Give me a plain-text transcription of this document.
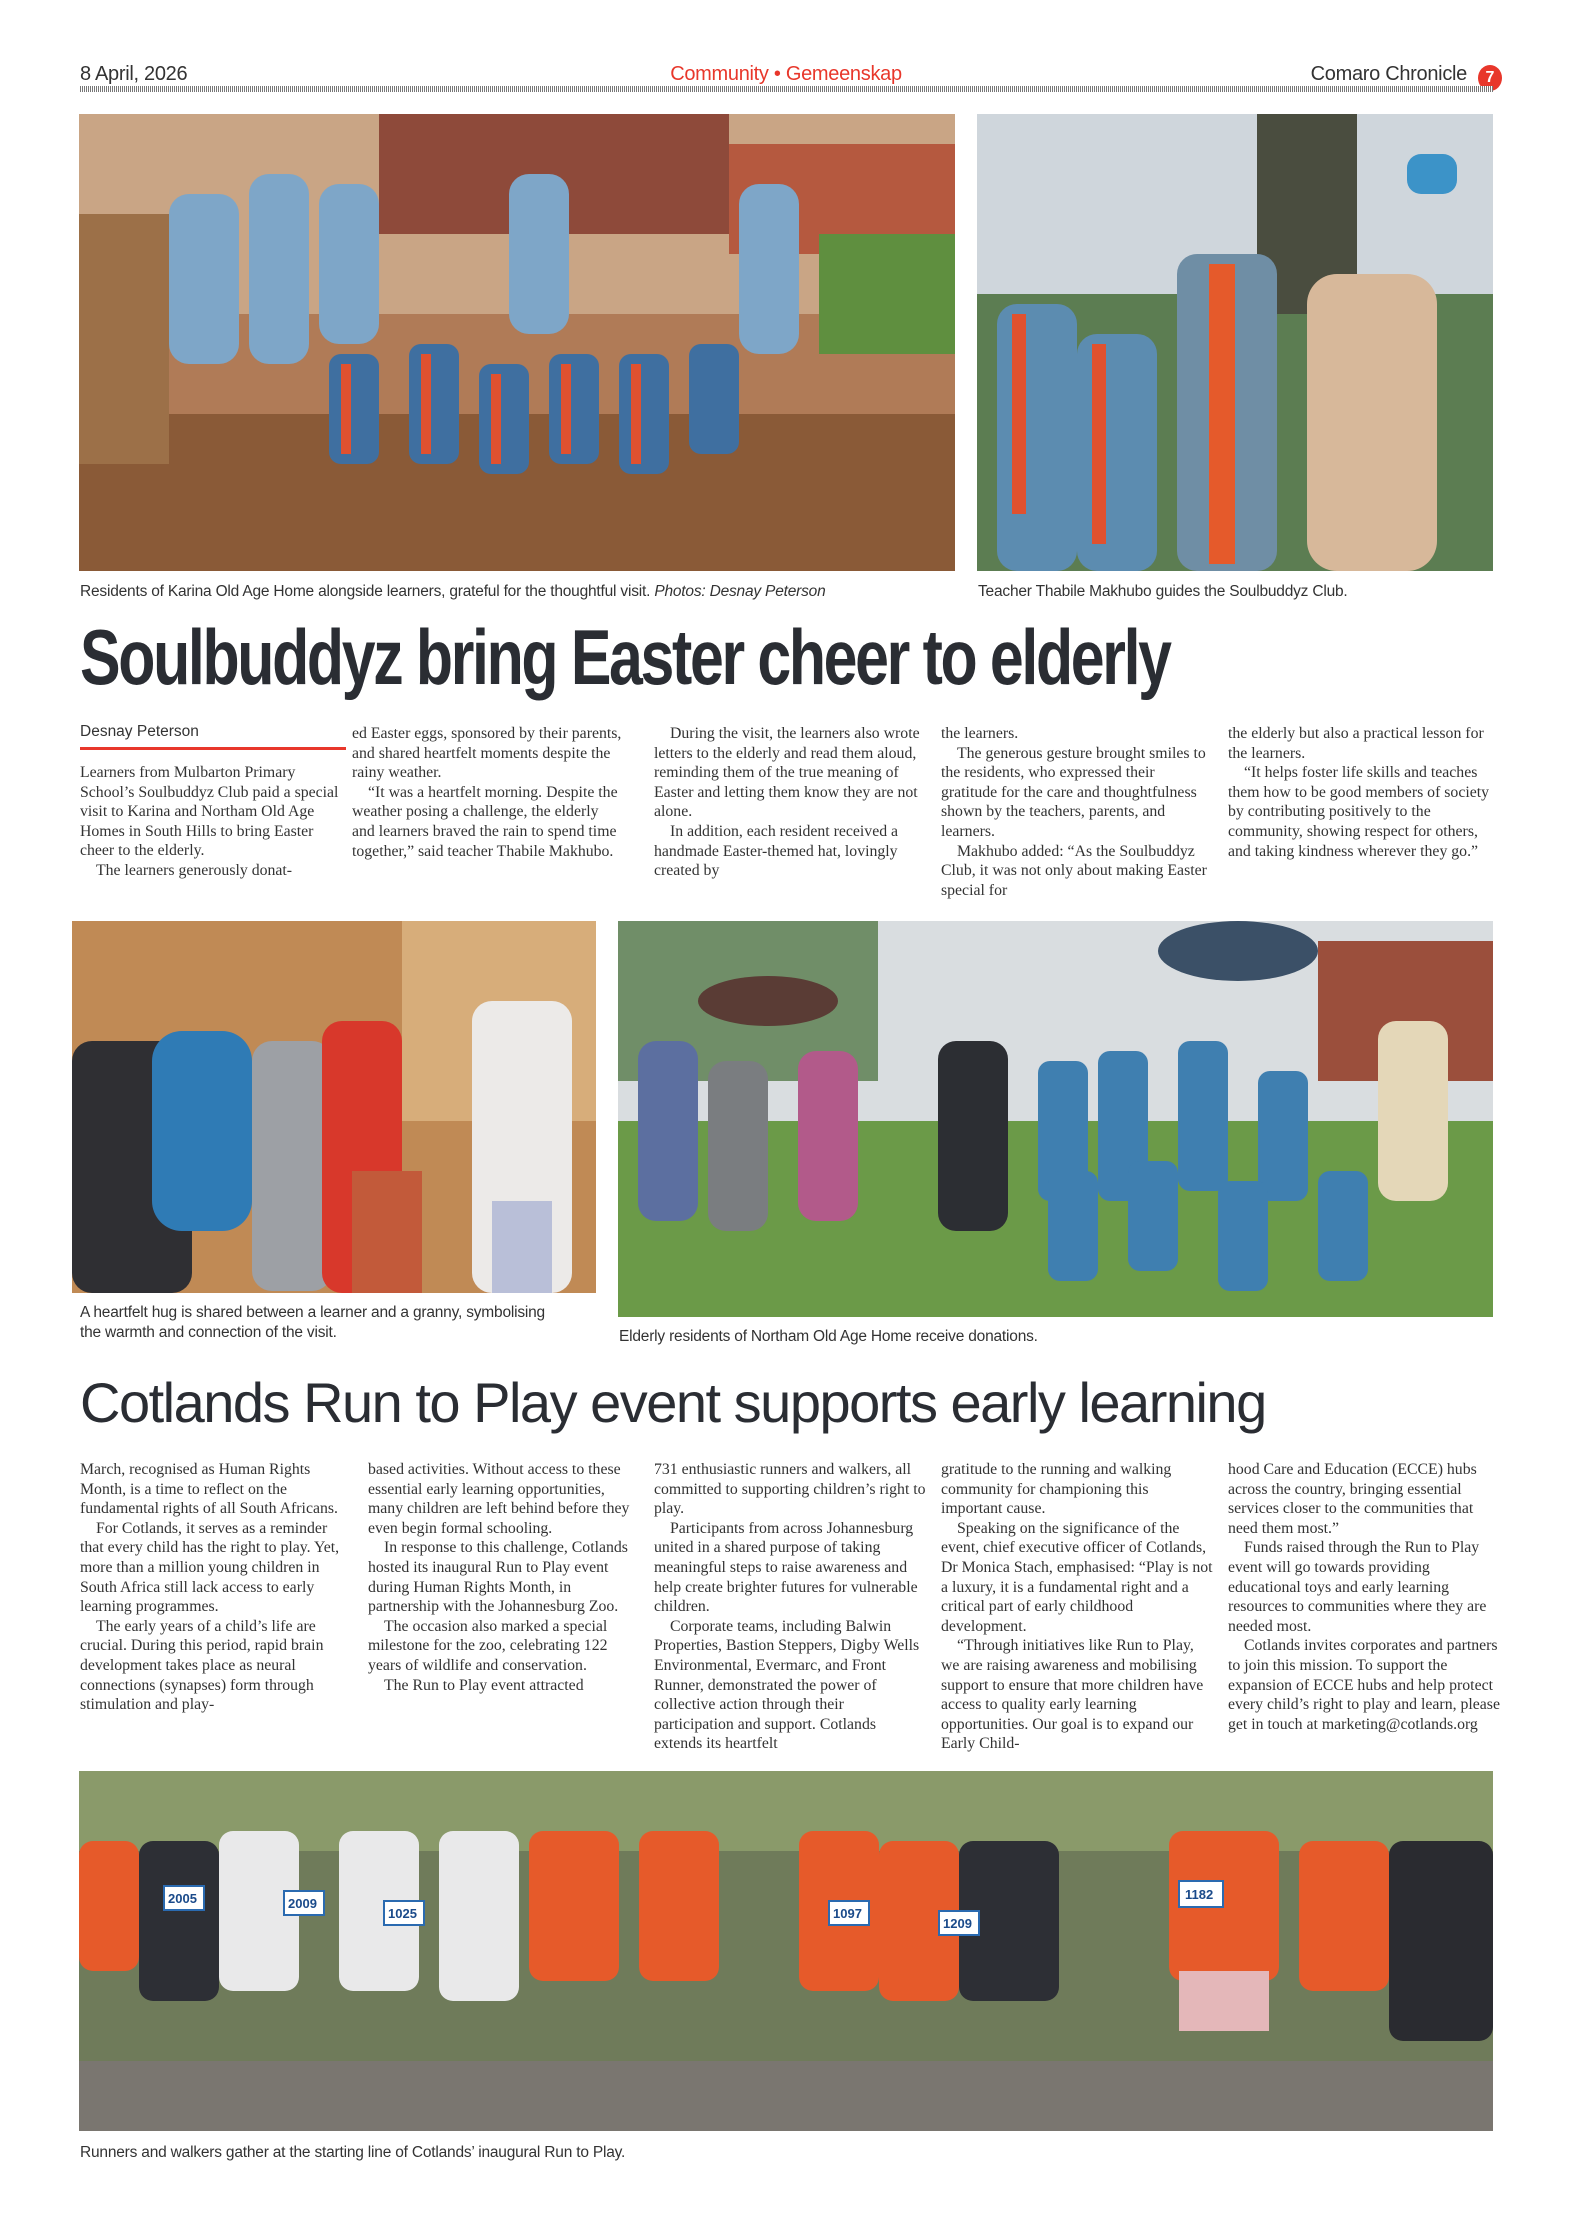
8 April, 2026	Community • Gemeenskap	Comaro Chronicle	7
Residents of Karina Old Age Home alongside learners, grateful for the thoughtful visit. Photos: Desnay Peterson	Teacher Thabile Makhubo guides the Soulbuddyz Club.
Soulbuddyz bring Easter cheer to elderly
Desnay Peterson

Learners from Mulbarton Primary School’s Soulbuddyz Club paid a special visit to Karina and Northam Old Age Homes in South Hills to bring Easter cheer to the elderly.

The learners generously donat-

ed Easter eggs, sponsored by their parents, and shared heartfelt moments despite the rainy weather.

“It was a heartfelt morning. Despite the weather posing a challenge, the elderly and learners braved the rain to spend time together,” said teacher Thabile Makhubo.

During the visit, the learners also wrote letters to the elderly and read them aloud, reminding them of the true meaning of Easter and letting them know they are not alone.

In addition, each resident received a handmade Easter-themed hat, lovingly created by

the learners.

The generous gesture brought smiles to the residents, who expressed their gratitude for the care and thoughtfulness shown by the teachers, parents, and learners.

Makhubo added: “As the Soulbuddyz Club, it was not only about making Easter special for

the elderly but also a practical lesson for the learners.

“It helps foster life skills and teaches them how to be good members of society by contributing positively to the community, showing respect for others, and taking kindness wherever they go.”

A heartfelt hug is shared between a learner and a granny, symbolising
the warmth and connection of the visit.	Elderly residents of Northam Old Age Home receive donations.
Cotlands Run to Play event supports early learning

March, recognised as Human Rights Month, is a time to reflect on the fundamental rights of all South Africans.

For Cotlands, it serves as a reminder that every child has the right to play. Yet, more than a million young children in South Africa still lack access to early learning programmes.

The early years of a child’s life are crucial. During this period, rapid brain development takes place as neural connections (synapses) form through stimulation and play-

based activities. Without access to these essential early learning opportunities, many children are left behind before they even begin formal schooling.

In response to this challenge, Cotlands hosted its inaugural Run to Play event during Human Rights Month, in partnership with the Johannesburg Zoo.

The occasion also marked a special milestone for the zoo, celebrating 122 years of wildlife and conservation.

The Run to Play event attracted

731 enthusiastic runners and walkers, all committed to supporting children’s right to play.

Participants from across Johannesburg united in a shared purpose of taking meaningful steps to raise awareness and help create brighter futures for vulnerable children.

Corporate teams, including Balwin Properties, Bastion Steppers, Digby Wells Environmental, Evermarc, and Front Runner, demonstrated the power of collective action through their participation and support. Cotlands extends its heartfelt

gratitude to the running and walking community for championing this important cause.

Speaking on the significance of the event, chief executive officer of Cotlands, Dr Monica Stach, emphasised: “Play is not a luxury, it is a fundamental right and a critical part of early childhood development.

“Through initiatives like Run to Play, we are raising awareness and mobilising support to ensure that more children have access to quality early learning opportunities. Our goal is to expand our Early Child-

hood Care and Education (ECCE) hubs across the country, bringing essential services closer to the communities that need them most.”

Funds raised through the Run to Play event will go towards providing educational toys and early learning resources to communities where they are needed most.

Cotlands invites corporates and partners to join this mission. To support the expansion of ECCE hubs and help protect every child’s right to play and learn, please get in touch at marketing@cotlands.org

2005	2009
1025	1097
1209
1182
Runners and walkers gather at the starting line of Cotlands’ inaugural Run to Play.
